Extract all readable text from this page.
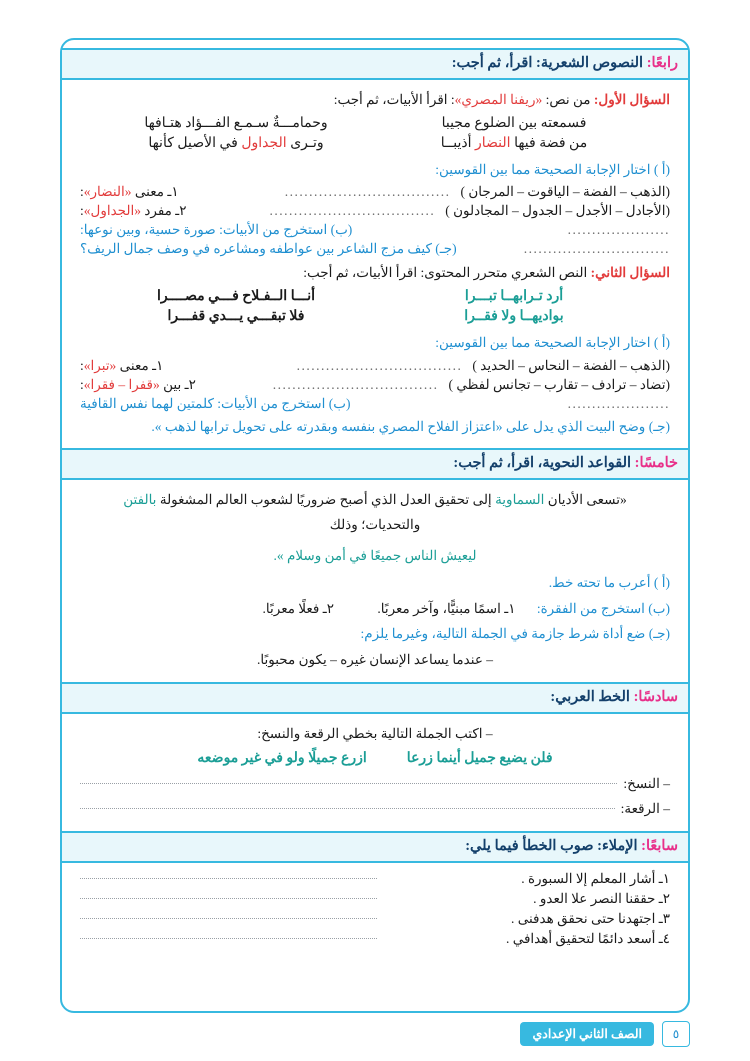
رابعًا: النصوص الشعرية: اقرأ، ثم أجب:
السؤال الأول: من نص: «ريفنا المصري»: اقرأ الأبيات، ثم أجب:
فسمعته بين الضلوع مجيبا
وحمامـــةٌ سـمـع الفـــؤاد هتـافها
من فضة فيها النضار أذيبــا
وتـرى الجداول في الأصيل كأنها
(أ ) اختار الإجابة الصحيحة مما بين القوسين:
(الذهب – الفضة – الياقوت – المرجان )
..................................
١ـ معنى «النضار»:
(الأجادل – الأجدل – الجدول – المجادلون )
..................................
٢ـ مفرد «الجداول»:
.....................
(ب) استخرج من الأبيات: صورة حسية، وبين نوعها:
..............................
(جـ) كيف مزج الشاعر بين عواطفه ومشاعره في وصف جمال الريف؟
السؤال الثاني: النص الشعري متحرر المحتوى: اقرأ الأبيات، ثم أجب:
أرد تـرابهــا تبـــرا
أنـــا الــفـلاح فـــي مصــــرا
بواديهــا ولا فقــرا
فلا تبقـــي يـــدي قفـــرا
(أ ) اختار الإجابة الصحيحة مما بين القوسين:
(الذهب – الفضة – النحاس – الحديد )
..................................
١ـ معنى «تبرا»:
(تضاد – ترادف – تقارب – تجانس لفظي )
..................................
٢ـ بين «قفرا – فقرا»:
.....................
(ب) استخرج من الأبيات: كلمتين لهما نفس القافية
(جـ) وضح البيت الذي يدل على «اعتزاز الفلاح المصري بنفسه وبقدرته على تحويل ترابها لذهب ».
خامسًا: القواعد النحوية، اقرأ، ثم أجب:
«تسعى الأديان السماوية إلى تحقيق العدل الذي أصبح ضروريًا لشعوب العالم المشغولة بالفتن والتحديات؛ وذلك
ليعيش الناس جميعًا في أمن وسلام ».
(أ ) أعرب ما تحته خط.
(ب) استخرج من الفقرة: ١ـ اسمًا مبنيًّا، وآخر معربًا. ٢ـ فعلًا معربًا.
(جـ) ضع أداة شرط جازمة في الجملة التالية، وغيرما يلزم:
– عندما يساعد الإنسان غيره – يكون محبوبًا.
سادسًا: الخط العربي:
– اكتب الجملة التالية بخطي الرقعة والنسخ:
فلن يضيع جميل أينما زرعا
ازرع جميلًا ولو في غير موضعه
– النسخ:
– الرقعة:
سابعًا: الإملاء: صوب الخطأ فيما يلي:
١ـ أشار المعلم إلا السبورة .
٢ـ حققنا النصر علا العدو .
٣ـ اجتهدنا حتى نحقق هدفنى .
٤ـ أسعد دائمًا لتحقيق أهدافي .
٥
الصف الثاني الإعدادي
